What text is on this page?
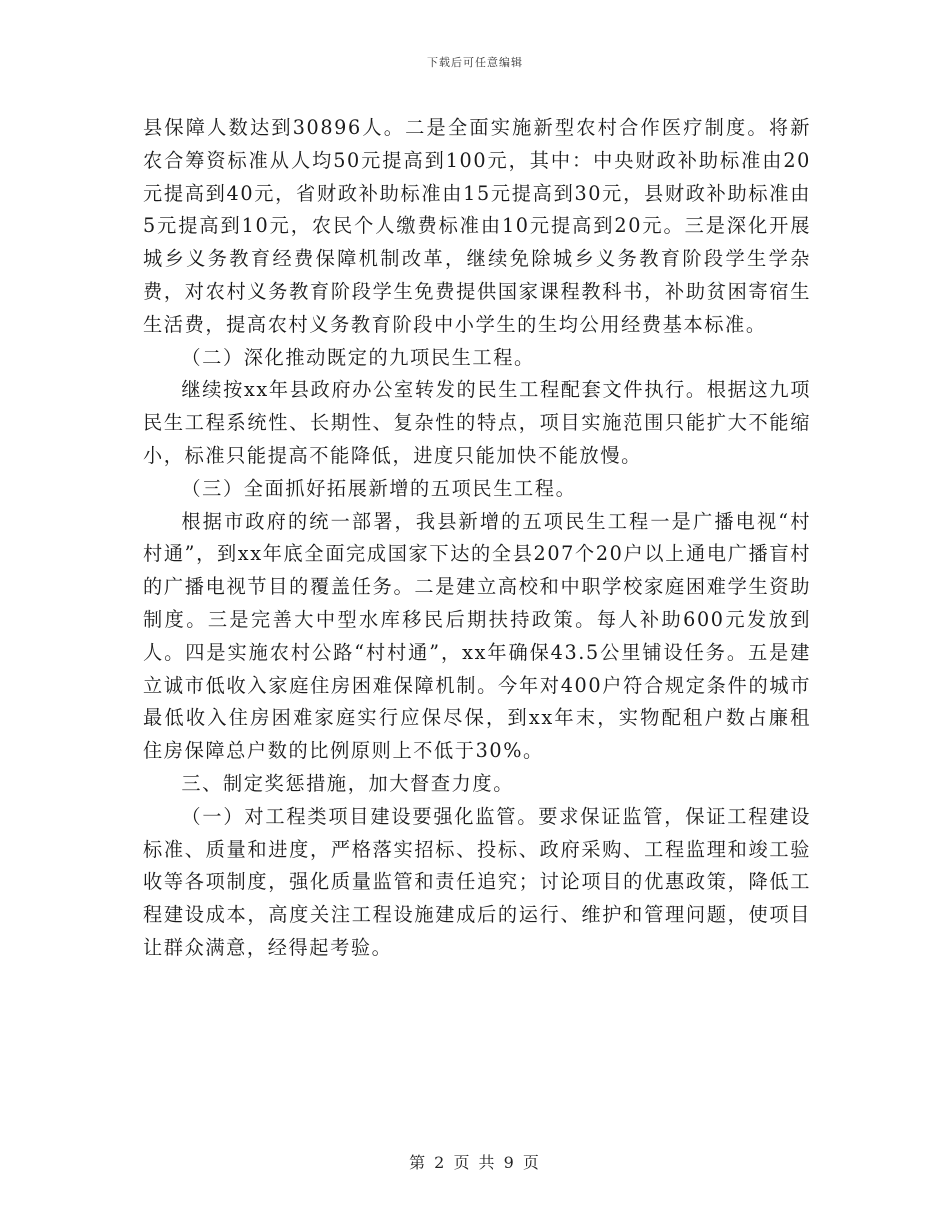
下载后可任意编辑

县保障人数达到30896人。二是全面实施新型农村合作医疗制度。将新农合筹资标准从人均50元提高到100元，其中：中央财政补助标准由20元提高到40元，省财政补助标准由15元提高到30元，县财政补助标准由5元提高到10元，农民个人缴费标准由10元提高到20元。三是深化开展城乡义务教育经费保障机制改革，继续免除城乡义务教育阶段学生学杂费，对农村义务教育阶段学生免费提供国家课程教科书，补助贫困寄宿生生活费，提高农村义务教育阶段中小学生的生均公用经费基本标准。

（二）深化推动既定的九项民生工程。

继续按xx年县政府办公室转发的民生工程配套文件执行。根据这九项民生工程系统性、长期性、复杂性的特点，项目实施范围只能扩大不能缩小，标准只能提高不能降低，进度只能加快不能放慢。

（三）全面抓好拓展新增的五项民生工程。

根据市政府的统一部署，我县新增的五项民生工程一是广播电视“村村通”，到xx年底全面完成国家下达的全县207个20户以上通电广播盲村的广播电视节目的覆盖任务。二是建立高校和中职学校家庭困难学生资助制度。三是完善大中型水库移民后期扶持政策。每人补助600元发放到人。四是实施农村公路“村村通”，xx年确保43.5公里铺设任务。五是建立诚市低收入家庭住房困难保障机制。今年对400户符合规定条件的城市最低收入住房困难家庭实行应保尽保，到xx年末，实物配租户数占廉租住房保障总户数的比例原则上不低于30%。

三、制定奖惩措施，加大督查力度。

（一）对工程类项目建设要强化监管。要求保证监管，保证工程建设标准、质量和进度，严格落实招标、投标、政府采购、工程监理和竣工验收等各项制度，强化质量监管和责任追究；讨论项目的优惠政策，降低工程建设成本，高度关注工程设施建成后的运行、维护和管理问题，使项目让群众满意，经得起考验。

第 2 页 共 9 页
